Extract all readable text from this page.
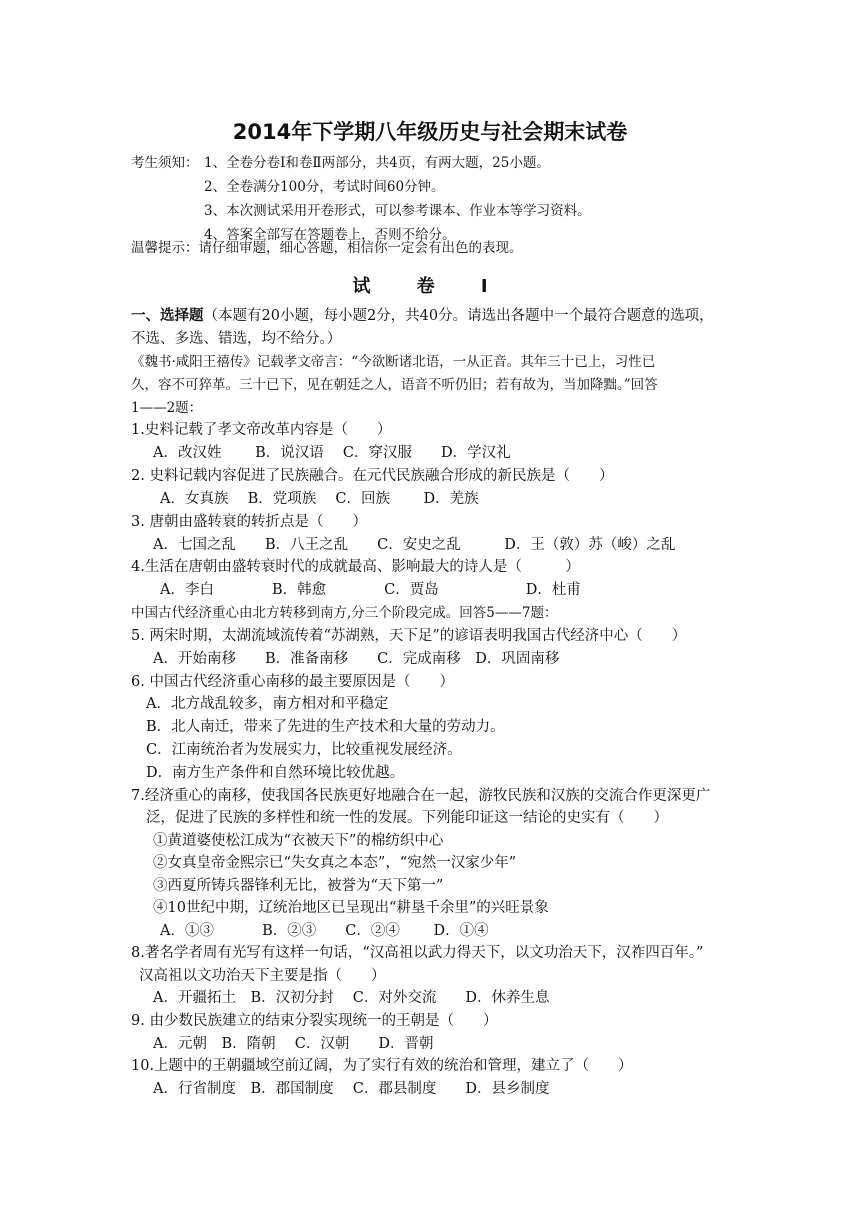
2014年下学期八年级历史与社会期末试卷
考生须知： 1、全卷分卷Ⅰ和卷Ⅱ两部分，共4页，有两大题，25小题。
2、全卷满分100分，考试时间60分钟。
3、本次测试采用开卷形式，可以参考课本、作业本等学习资料。
4、答案全部写在答题卷上，否则不给分。
温馨提示：请仔细审题，细心答题，相信你一定会有出色的表现。
试 卷 Ⅰ
一、选择题（本题有20小题，每小题2分，共40分。请选出各题中一个最符合题意的选项，
不选、多选、错选，均不给分。）
《魏书·咸阳王禧传》记载孝文帝言：“今欲断诸北语，一从正音。其年三十已上，习性已
久，容不可猝革。三十已下，见在朝廷之人，语音不听仍旧；若有故为，当加降黜。”回答
1——2题：
1.史料记载了孝文帝改革内容是（　　）
A．改汉姓　　 B．说汉语　 C．穿汉服　　D．学汉礼
2. 史料记载内容促进了民族融合。在元代民族融合形成的新民族是（　　）
A．女真族　 B．党项族　 C．回族　　 D．羌族
3. 唐朝由盛转衰的转折点是（　　）
A．七国之乱　　B．八王之乱　　C．安史之乱　　　D．王（敦）苏（峻）之乱
4.生活在唐朝由盛转衰时代的成就最高、影响最大的诗人是（　　　）
A．李白　　　　B．韩愈　　　　C．贾岛　　　　　　D．杜甫
中国古代经济重心由北方转移到南方,分三个阶段完成。回答5——7题：
5. 两宋时期，太湖流域流传着“苏湖熟，天下足”的谚语表明我国古代经济中心（　　）
A．开始南移　　B．准备南移　　C．完成南移　D．巩固南移
6. 中国古代经济重心南移的最主要原因是（　　）
A．北方战乱较多，南方相对和平稳定
B．北人南迁，带来了先进的生产技术和大量的劳动力。
C．江南统治者为发展实力，比较重视发展经济。
D．南方生产条件和自然环境比较优越。
7.经济重心的南移，使我国各民族更好地融合在一起，游牧民族和汉族的交流合作更深更广
泛，促进了民族的多样性和统一性的发展。下列能印证这一结论的史实有（　　）
①黄道婆使松江成为“衣被天下”的棉纺织中心
②女真皇帝金熙宗已“失女真之本态”，“宛然一汉家少年”
③西夏所铸兵器锋利无比，被誉为“天下第一”
④10世纪中期，辽统治地区已呈现出“耕垦千余里”的兴旺景象
A．①③　　　 B．②③　　C．②④　　 D．①④
8.著名学者周有光写有这样一句话，“汉高祖以武力得天下，以文功治天下，汉祚四百年。”
汉高祖以文功治天下主要是指（　　）
A．开疆拓土　B．汉初分封　 C．对外交流　　D．休养生息
9. 由少数民族建立的结束分裂实现统一的王朝是（　　）
A．元朝　B．隋朝　 C．汉朝　　D．晋朝
10.上题中的王朝疆域空前辽阔，为了实行有效的统治和管理，建立了（　　）
A．行省制度　B．郡国制度　 C．郡县制度　　D．县乡制度
